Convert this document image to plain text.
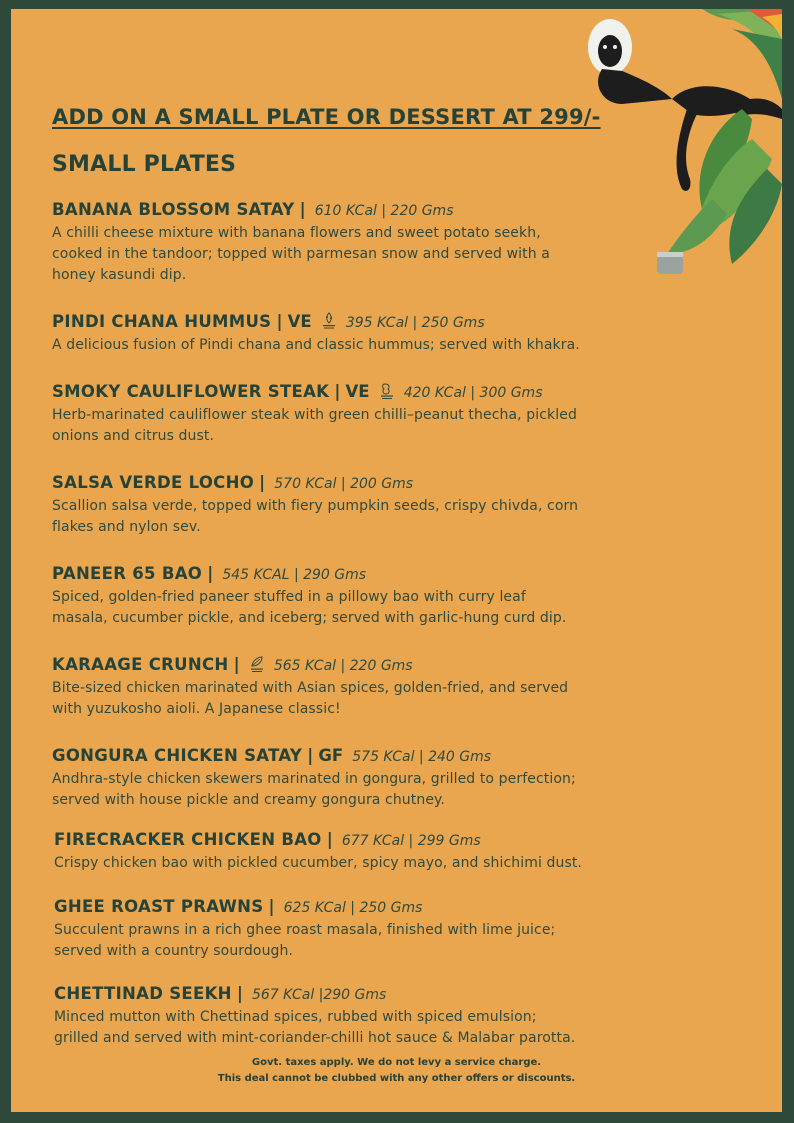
ADD ON A SMALL PLATE OR DESSERT AT 299/-
SMALL PLATES
BANANA BLOSSOM SATAY | 610 KCal | 220 Gms
A chilli cheese mixture with banana flowers and sweet potato seekh,
cooked in the tandoor; topped with parmesan snow and served with a
honey kasundi dip.
PINDI CHANA HUMMUS | VE 395 KCal | 250 Gms
A delicious fusion of Pindi chana and classic hummus; served with khakra.
SMOKY CAULIFLOWER STEAK | VE 420 KCal | 300 Gms
Herb-marinated cauliflower steak with green chilli–peanut thecha, pickled
onions and citrus dust.
SALSA VERDE LOCHO | 570 KCal | 200 Gms
Scallion salsa verde, topped with fiery pumpkin seeds, crispy chivda, corn
flakes and nylon sev.
PANEER 65 BAO | 545 KCAL | 290 Gms
Spiced, golden-fried paneer stuffed in a pillowy bao with curry leaf
masala, cucumber pickle, and iceberg; served with garlic-hung curd dip.
KARAAGE CRUNCH | 565 KCal | 220 Gms
Bite-sized chicken marinated with Asian spices, golden-fried, and served
with yuzukosho aioli. A Japanese classic!
GONGURA CHICKEN SATAY | GF 575 KCal | 240 Gms
Andhra-style chicken skewers marinated in gongura, grilled to perfection;
served with house pickle and creamy gongura chutney.
FIRECRACKER CHICKEN BAO | 677 KCal | 299 Gms
Crispy chicken bao with pickled cucumber, spicy mayo, and shichimi dust.
GHEE ROAST PRAWNS | 625 KCal | 250 Gms
Succulent prawns in a rich ghee roast masala, finished with lime juice;
served with a country sourdough.
CHETTINAD SEEKH | 567 KCal |290 Gms
Minced mutton with Chettinad spices, rubbed with spiced emulsion;
grilled and served with mint-coriander-chilli hot sauce & Malabar parotta.
Govt. taxes apply. We do not levy a service charge.
This deal cannot be clubbed with any other offers or discounts.
